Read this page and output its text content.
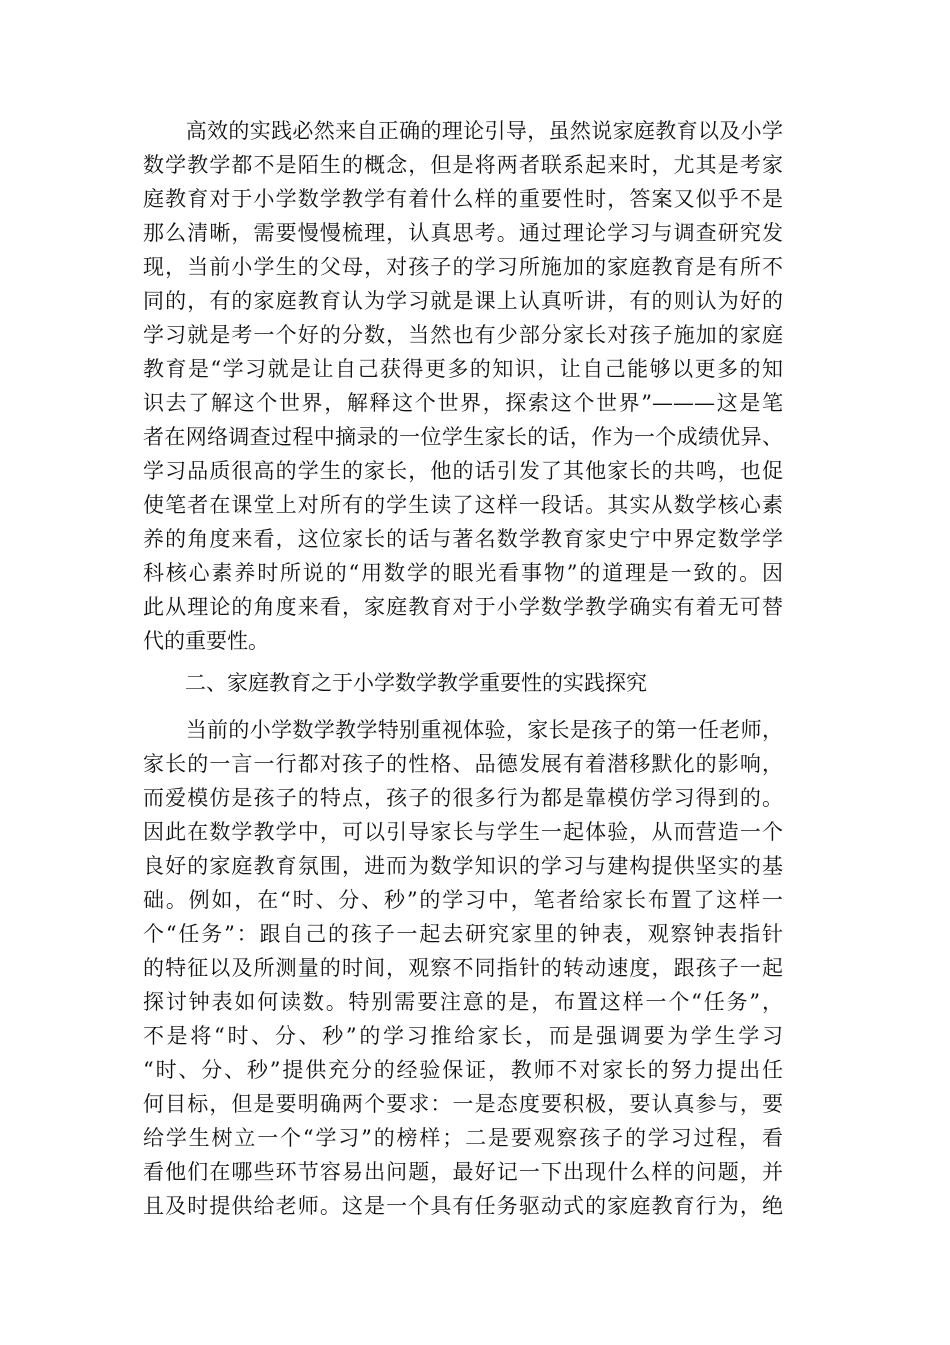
　　高效的实践必然来自正确的理论引导，虽然说家庭教育以及小学
数学教学都不是陌生的概念，但是将两者联系起来时，尤其是考家
庭教育对于小学数学教学有着什么样的重要性时，答案又似乎不是
那么清晰，需要慢慢梳理，认真思考。通过理论学习与调查研究发
现，当前小学生的父母，对孩子的学习所施加的家庭教育是有所不
同的，有的家庭教育认为学习就是课上认真听讲，有的则认为好的
学习就是考一个好的分数，当然也有少部分家长对孩子施加的家庭
教育是“学习就是让自己获得更多的知识，让自己能够以更多的知
识去了解这个世界，解释这个世界，探索这个世界”———这是笔
者在网络调查过程中摘录的一位学生家长的话，作为一个成绩优异、
学习品质很高的学生的家长，他的话引发了其他家长的共鸣，也促
使笔者在课堂上对所有的学生读了这样一段话。其实从数学核心素
养的角度来看，这位家长的话与著名数学教育家史宁中界定数学学
科核心素养时所说的“用数学的眼光看事物”的道理是一致的。因
此从理论的角度来看，家庭教育对于小学数学教学确实有着无可替
代的重要性。
　　二、家庭教育之于小学数学教学重要性的实践探究
　　当前的小学数学教学特别重视体验，家长是孩子的第一任老师，
家长的一言一行都对孩子的性格、品德发展有着潜移默化的影响，
而爱模仿是孩子的特点，孩子的很多行为都是靠模仿学习得到的。
因此在数学教学中，可以引导家长与学生一起体验，从而营造一个
良好的家庭教育氛围，进而为数学知识的学习与建构提供坚实的基
础。例如，在“时、分、秒”的学习中，笔者给家长布置了这样一
个“任务”：跟自己的孩子一起去研究家里的钟表，观察钟表指针
的特征以及所测量的时间，观察不同指针的转动速度，跟孩子一起
探讨钟表如何读数。特别需要注意的是，布置这样一个“任务”，
不是将“时、分、秒”的学习推给家长，而是强调要为学生学习
“时、分、秒”提供充分的经验保证，教师不对家长的努力提出任
何目标，但是要明确两个要求：一是态度要积极，要认真参与，要
给学生树立一个“学习”的榜样；二是要观察孩子的学习过程，看
看他们在哪些环节容易出问题，最好记一下出现什么样的问题，并
且及时提供给老师。这是一个具有任务驱动式的家庭教育行为，绝
